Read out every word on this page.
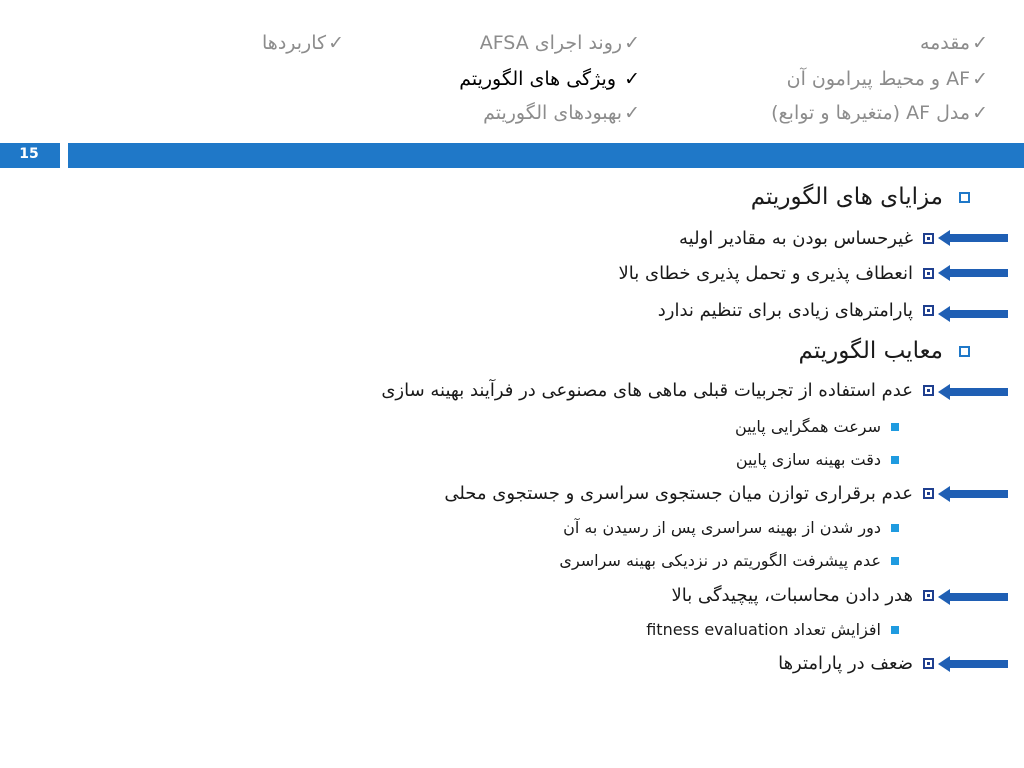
✓مقدمه
✓AF و محیط پیرامون آن
✓مدل AF (متغیرها و توابع)
✓روند اجرای AFSA
✓ ویژگی های الگوریتم
✓بهبودهای الگوریتم
✓کاربردها
15
مزایای های الگوریتم
غیرحساس بودن به مقادیر اولیه
انعطاف پذیری و تحمل پذیری خطای بالا
پارامترهای زیادی برای تنظیم ندارد
معایب الگوریتم
عدم استفاده از تجربیات قبلی ماهی های مصنوعی در فرآیند بهینه سازی
سرعت همگرایی پایین
دقت بهینه سازی پایین
عدم برقراری توازن میان جستجوی سراسری و جستجوی محلی
دور شدن از بهینه سراسری پس از رسیدن به آن
عدم پیشرفت الگوریتم در نزدیکی بهینه سراسری
هدر دادن محاسبات، پیچیدگی بالا
افزایش تعداد fitness evaluation
ضعف در پارامترها
